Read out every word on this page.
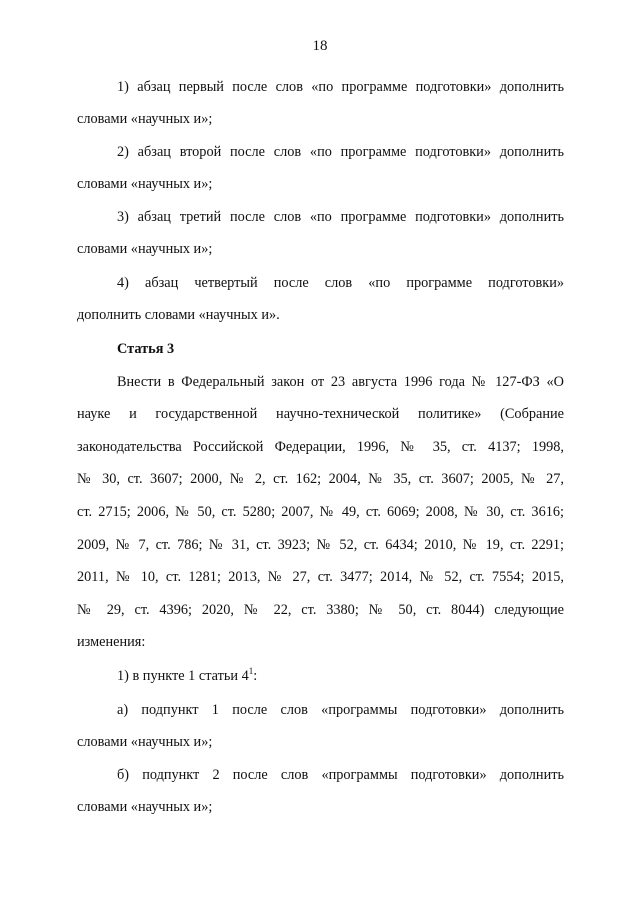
18
1) абзац первый после слов «по программе подготовки» дополнить
словами «научных и»;
2) абзац второй после слов «по программе подготовки» дополнить
словами «научных и»;
3) абзац третий после слов «по программе подготовки» дополнить
словами «научных и»;
4) абзац четвертый после слов «по программе подготовки»
дополнить словами «научных и».
Статья 3
Внести в Федеральный закон от 23 августа 1996 года № 127-ФЗ «О
науке и государственной научно-технической политике» (Собрание
законодательства Российской Федерации, 1996, № 35, ст. 4137; 1998,
№ 30, ст. 3607; 2000, № 2, ст. 162; 2004, № 35, ст. 3607; 2005, № 27,
ст. 2715; 2006, № 50, ст. 5280; 2007, № 49, ст. 6069; 2008, № 30, ст. 3616;
2009, № 7, ст. 786; № 31, ст. 3923; № 52, ст. 6434; 2010, № 19, ст. 2291;
2011, № 10, ст. 1281; 2013, № 27, ст. 3477; 2014, № 52, ст. 7554; 2015,
№ 29, ст. 4396; 2020, № 22, ст. 3380; № 50, ст. 8044) следующие
изменения:
1) в пункте 1 статьи $4^1$:
а) подпункт 1 после слов «программы подготовки» дополнить
словами «научных и»;
б) подпункт 2 после слов «программы подготовки» дополнить
словами «научных и»;
